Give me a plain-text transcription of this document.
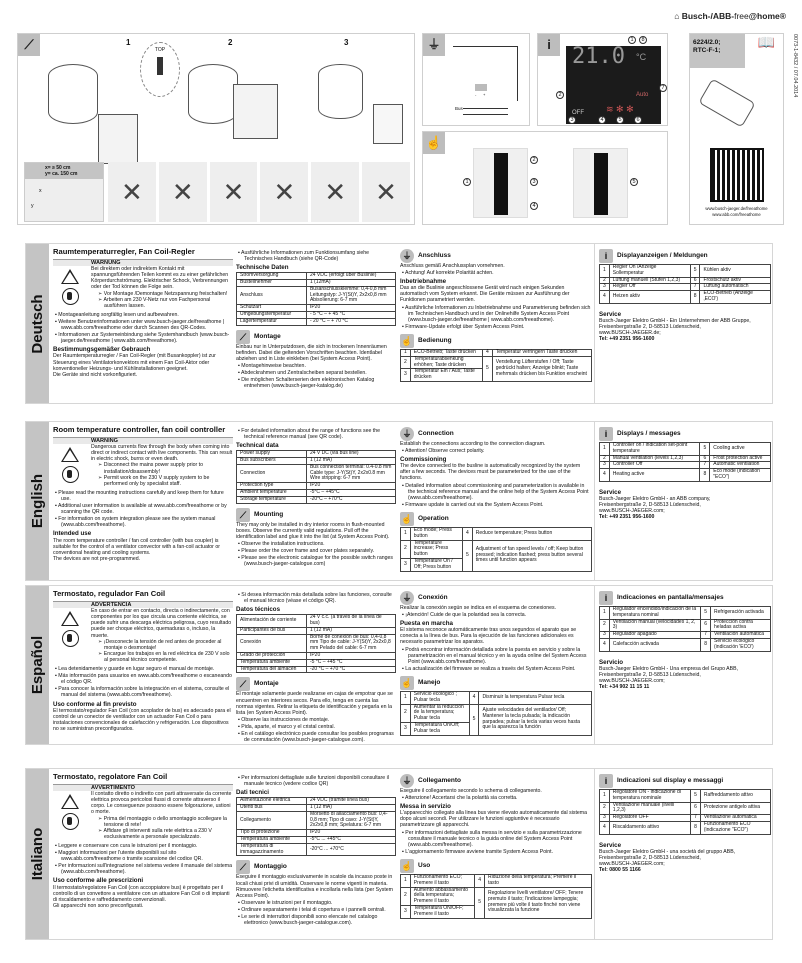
⌂ Busch-/ABB-free@home®
0073-1-8432 / 07.04.2014
⟋	1	2	3
TOP
x= ≥ 50 cm
y= ca. 150 cm
x
y	✕	✕	✕	✕	✕	✕
⏚
- +
Bus
i 21.0 °C
Auto
OFF ≋ ✻ ✻
1	8
2
3	4	5	6
7
☝
1
2
3
4
5
6224/2.0;
RTC-F-1;
📖
www.busch-jaeger.de/freeathome
www.abb.com/freeathome
Deutsch
Raumtemperaturregler, Fan Coil-Regler
WARNUNG
Bei direktem oder indirektem Kontakt mit spannungsführenden Teilen kommt es zu einer gefährlichen Körperdurchströmung. Elektrischer Schock, Verbrennungen oder der Tod können die Folge sein.
➢ Vor Montage /Demontage Netzspannung freischalten!
➢ Arbeiten am 230 V-Netz nur von Fachpersonal ausführen lassen.
▪ Montageanleitung sorgfältig lesen und aufbewahren.
▪ Weitere Benutzerinformationen unter www.busch-jaeger.de/freeathome | www.abb.com/freeathome oder durch Scannen des QR-Codes.
▪ Informationen zur Systemeinbindung siehe Systemhandbuch (www.busch-jaeger.de/freeathome | www.abb.com/freeathome).
Bestimmungsgemäßer Gebrauch
Der Raumtemperaturregler / Fan Coil-Regler (mit Busankoppler) ist zur Steuerung eines Ventilatorkonvektors mit einem Fan Coil-Aktor oder konventioneller Heizungs- und Kühlinstallationen geeignet.
Die Geräte sind nicht vorkonfiguriert.
▪ Ausführliche Informationen zum Funktionsumfang siehe Technisches Handbuch (siehe QR-Code)
Technische Daten
Stromversorgung	24 VDC (erfolgt über Buslinie)
Busteilnehmer	1 (12mA)
Anschluss	Busanschlussklemme: 0,4-0,8 mm Leitungstyp: J-Y(St)Y, 2x2x0,8 mm Abisolierung: 6-7 mm
Schutzart	IP20
Umgebungstemperatur	- 5 °C – + 45 °C
Lagertemperatur	- 20 °C – + 70 °C
⟋	Montage
Einbau nur in Unterputzdosen, die sich in trockenen Innenräumen befinden. Dabei die geltenden Vorschriften beachten. Identlabel abziehen und in Liste einkleben (bei System Access Point).
▪ Montagehinweise beachten.
▪ Abdeckrahmen und Zentralscheiben separat bestellen.
▪ Die möglichen Schalterserien dem elektronischen Katalog entnehmen (www.busch-jaeger-katalog.de)
⏚	Anschluss
Anschluss gemäß Anschlussplan vornehmen.
▪ Achtung! Auf korrekte Polarität achten.
Inbetriebnahme
Das an die Buslinie angeschlossene Gerät wird nach einigen Sekunden automatisch vom System erkannt. Die Geräte müssen zur Ausführung der Funktionen parametriert werden.
▪ Ausführliche Informationen zu Inbetriebnahme und Parametrierung befinden sich im Technischen Handbuch und in der Onlinehilfe System Access Point (www.busch-jaeger.de/freeathome | www.abb.com/freeathome).
▪ Firmware-Update erfolgt über System Access Point.
☝ Bedienung
1	ECO-Betrieb; Taste drücken	4	Temperatur verringern Taste drücken
2	Temperaturabsenkung erhöhen; Taste drücken	5	Verstellung Lüfterstufen / Off; Taste gedrückt halten; Anzeige blinkt; Taste mehrmals drücken bis Funktion erscheint
3	Temperatur Ein / Aus; Taste drücken		
i	Displayanzeigen / Meldungen
1	Regler On /Anzeige Sollemperatur	5	Kühlen aktiv
2	Lüftung manuell (Stufen 1,2,3)	6	Frostschutz aktiv
3	Regler Off	7	Lüftung automatisch
4	Heizen aktiv	8	ECO-Betrieb (Anzeige ‚ECO')
Service
Busch-Jaeger Elektro GmbH - Ein Unternehmen der ABB Gruppe,
Freisenbergstraße 2, D-58513 Lüdenscheid,
www.BUSCH-JAEGER.de;
Tel: +49 2351 956-1600
English
Room temperature controller, fan coil controller
WARNING
Dangerous currents flow through the body when coming into direct or indirect contact with live components. This can result in electric shock, burns or even death.
➢ Disconnect the mains power supply prior to installation/disassembly!
➢ Permit work on the 230 V supply system to be performed only by specialist staff.
▪ Please read the mounting instructions carefully and keep them for future use.
▪ Additional user information is available at www.abb.com/freeathome or by scanning the QR code.
▪ For information on system integration please see the system manual (www.abb.com/freeathome).
Intended use
The room temperature controller / fan coil controller (with bus coupler) is suitable for the control of a ventilator convector with a fan-coil actuator or conventional heating and cooling systems.
The devices are not pre-programmed.
▪ For detailed information about the range of functions see the technical reference manual (see QR code).
Technical data
Power supply	24 V DC (via bus line)
Bus subscribers	1 (12 mA)
Connection	Bus connection terminal: 0.4-0.8 mm Cable type: J-Y(St)Y, 2x2x0.8 mm Wire stripping: 6-7 mm
Protection type	IP20
Ambient temperature	-5°C – +45°C
Storage temperature	-20°C – +70°C
⟋	Mounting
They may only be installed in dry interior rooms in flush-mounted boxes. Observe the currently valid regulations. Pull off the identification label and glue it into the list (at System Access Point).
▪ Observe the installation instructions.
▪ Please order the cover frame and cover plates separately.
▪ Please see the electronic catalogue for the possible switch ranges (www.busch-jaeger-catalogue.com)
⏚	Connection
Establish the connections according to the connection diagram.
▪ Attention! Observe correct polarity.
Commissioning
The device connected to the busline is automatically recognized by the system after a few seconds. The devices must be parameterized for the use of the functions.
▪ Detailed information about commissioning and parameterization is available in the technical reference manual and the online help of the System Access Point (www.abb.com/freeathome).
▪ Firmware update is carried out via the System Access Point.
☝ Operation
1	Eco mode; Press button	4	Reduce temperature; Press button
2	Temperature increase; Press button	5	Adjustment of fan speed levels / off; Keep button pressed; indication flashed; press button several times until function appears
3	Temperature On / Off; Press button		
i	Displays / messages
1	Controller on / indication set-point temperature	5	Cooling active
2	Manual ventilation (levels 1,2,3)	6	Frost protection active
3	Controller Off	7	Automatic ventilation
4	Heating active	8	Eco mode (indication "ECO")
Service
Busch-Jaeger Elektro GmbH - an ABB company,
Freisenbergstraße 2, D-58513 Lüdenscheid,
www.BUSCH-JAEGER.com;
Tel: +49 2351 956-1600
Español
Termostato, regulador Fan Coil
ADVERTENCIA
En caso de entrar en contacto, directa o indirectamente, con componentes por los que circula una corriente eléctrica, se puede sufrir una descarga eléctrica peligrosa, cuyo resultado puede ser choque eléctrico, quemaduras o, incluso, la muerte.
➢ ¡Desconecte la tensión de red antes de proceder al montaje o desmontaje!
➢ Encargue los trabajos en la red eléctrica de 230 V solo al personal técnico competente.
▪ Lea detenidamente y guarde en lugar seguro el manual de montaje.
▪ Más información para usuarios en www.abb.com/freeathome o escaneando el código QR.
▪ Para conocer la información sobre la integración en el sistema, consulte el manual del sistema (www.abb.com/freeathome).
Uso conforme al fin previsto
El termostato/regulador Fan Coil (con acoplador de bus) es adecuado para el control de un conector de ventilador con un actuador Fan Coil o para instalaciones convencionales de calefacción y refrigeración. Los dispositivos no se suministran preconfigurados.
▪ Si desea información más detallada sobre las funciones, consulte el manual técnico (véase el código QR).
Datos técnicos
Alimentación de corriente	24 V c.c. (a través de la línea de bus)
Participantes de bus	1 (12 mA)
Conexión	Borne de conexión de bus: 0,4-0,8 mm Tipo de cable: J-Y(St)Y, 2x2x0,8 mm Pelado del cable: 6-7 mm
Grado de protección	IP20
Temperatura ambiente	-5 °C – +45 °C
Temperatura del almacén	-20 °C – +70 °C
⟋	Montaje
El montaje solamente puede realizarse en cajas de empotrar que se encuentren en interiores secos. Para ello, tenga en cuenta las normas vigentes. Retirar la etiqueta de identificación y pegarla en la lista (en System Access Point).
▪ Observe las instrucciones de montaje.
▪ Pida, aparte, el marco y el cristal central.
▪ En el catálogo electrónico puede consultar los posibles programas de conmutación (www.busch-jaeger-catalogue.com).
⏚	Conexión
Realizar la conexión según se indica en el esquema de conexiones.
▪ ¡Atención! Cuide de que la polaridad sea la correcta.
Puesta en marcha
El sistema reconoce automáticamente tras unos segundos el aparato que se conecta a la línea de bus. Para la ejecución de las funciones adicionales es necesario parametrizar los aparatos.
▪ Podrá encontrar información detallada sobre la puesta en servicio y sobre la parametrización en el manual técnico y en la ayuda online del System Access Point (www.abb.com/freeathome).
▪ La actualización del firmware se realiza a través del System Access Point.
☝ Manejo
1	Servicio ecológico ; Pulsar tecla	4	Disminuir la temperatura Pulsar tecla
2	Aumentar la reducción de la temperatura; Pulsar tecla	5	Ajuste velocidades del ventilador/ Off; Mantener la tecla pulsada; la indicación parpadea; pulsar la tecla varias veces hasta que la aparezca la función
3	Temperatura On/Off; Pulsar tecla		
i	Indicaciones en pantalla/mensajes
1	Regulador encendido/indicación de la temperatura nominal	5	Refrigeración activada
2	Ventilación manual (velocidades 1, 2, 3)	6	Protección contra heladas activa
3	Regulador apagado	7	Ventilación automática
4	Calefacción activada	8	Servicio ecológico (indicación 'ECO')
Servicio
Busch-Jaeger Elektro GmbH - Una empresa del Grupo ABB,
Freisenbergstraße 2, D-58513 Lüdenscheid,
www.BUSCH-JAEGER.com;
Tel: +34 902 11 15 11
Italiano
Termostato, regolatore Fan Coil
AVVERTIMENTO
Il contatto diretto o indiretto con parti attraversate da corrente elettrica provoca pericolosi flussi di corrente attraverso il corpo. Le conseguenze possono essere folgorazione, ustioni o morte.
➢ Prima del montaggio o dello smontaggio scollegare la tensione di rete!
➢ Affidare gli interventi sulla rete elettrica a 230 V esclusivamente a personale specializzato.
▪ Leggere e conservare con cura le istruzioni per il montaggio.
▪ Maggiori informazioni per l'utente disponibili sul sito www.abb.com/freeathome o tramite scansione del codice QR.
▪ Per informazioni sull'integrazione nel sistema vedere il manuale del sistema (www.abb.com/freeathome).
Uso conforme alle prescrizioni
Il termostato/regolatore Fan Coil (con accoppiatore bus) è progettato per il controllo di un convettore a ventilatore con un attuatore Fan Coil o di impianti di riscaldamento e raffreddamento convenzionali.
Gli apparecchi non sono preconfigurati.
▪ Per informazioni dettagliate sulle funzioni disponibili consultare il manuale tecnico (vedere codice QR)
Dati tecnici
Alimentazione elettrica	24 VDC (tramite linea bus)
Utenti bus	1 (12 mA)
Collegamento	Morsetto di allacciamento bus: 0,4-0,8 mm; Tipo di cavo: J-Y(St)Y, 2x2x0,8 mm; Spelatura: 6-7 mm
Tipo di protezione	IP20
Temperatura ambiente	-5°C ... +45°C
Temperatura di immagazzinamento	-20°C ... +70°C
⟋	Montaggio
Eseguire il montaggio esclusivamente in scatole da incasso poste in locali chiusi privi di umidità. Osservare le norme vigenti in materia. Rimuovere l'etichetta identificativa e incollarla nella lista (per System Access Point).
▪ Osservare le istruzioni per il montaggio.
▪ Ordinare separatamente i telai di copertura e i pannelli centrali.
▪ Le serie di interruttori disponibili sono elencate nel catalogo elettronico (www.busch-jaeger-catalogue.com).
⏚	Collegamento
Eseguire il collegamento secondo lo schema di collegamento.
▪ Attenzione! Accertarsi che la polarità sia corretta.
Messa in servizio
L'apparecchio collegato alla linea bus viene rilevato automaticamente dal sistema dopo alcuni secondi. Per utilizzare le funzioni aggiuntive è necessario parametrizzare gli apparecchi.
▪ Per informazioni dettagliate sulla messa in servizio e sulla parametrizzazione consultare il manuale tecnico o la guida online del System Access Point (www.abb.com/freeathome).
▪ L'aggiornamento firmware avviene tramite System Access Point.
☝ Uso
1	Funzionamento ECO; Premere il tasto	4	Riduzione della temperatura; Premere il tasto
2	Aumento abbassamento della temperatura; Premere il tasto	5	Regolazione livelli ventilatore/ OFF; Tenere premuto il tasto; l'indicazione lampeggia; premere più volte il tasto finché non viene visualizzata la funzione
3	Temperatura ON/OFF; Premere il tasto		
i	Indicazioni sul display e messaggi
1	Regolatore ON - indicazione di temperatura nominale	5	Raffreddamento attivo
2	Ventilazione manuale (livelli 1,2,3)	6	Protezione antigelo attiva
3	Regolatore OFF	7	Ventilazione automatica
4	Riscaldamento attivo	8	Funzionamento ECO (indicazione "ECO")
Service
Busch-Jaeger Elektro GmbH - una società del gruppo ABB,
Freisenbergstraße 2, D-58513 Lüdenscheid,
www.BUSCH-JAEGER.com;
Tel: 0800 55 1166
